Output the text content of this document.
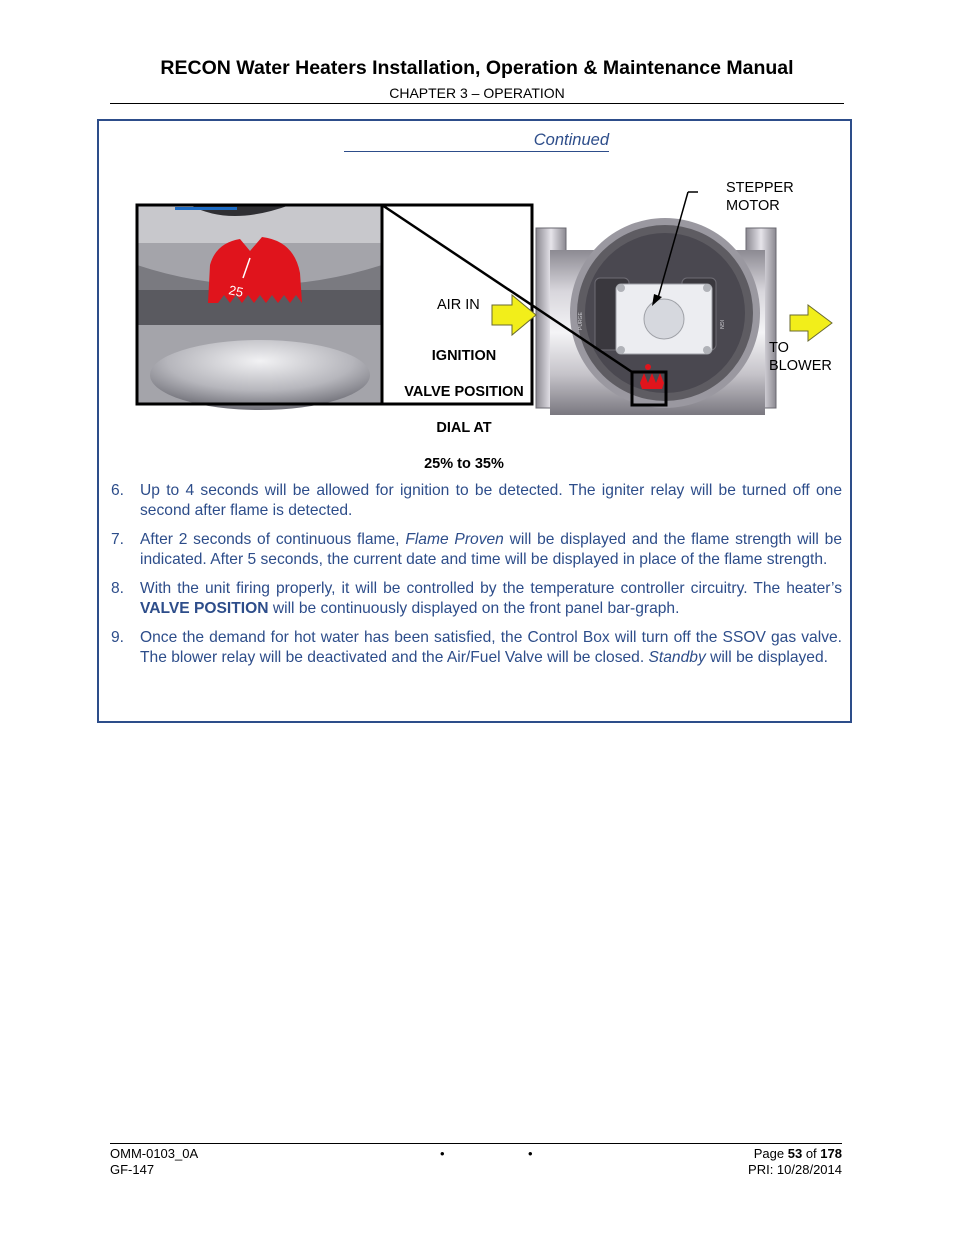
RECON Water Heaters Installation, Operation & Maintenance Manual
CHAPTER 3 – OPERATION
Continued
PURGE	IGN
25
STEPPER
MOTOR
AIR IN
TO
BLOWER

IGNITION

VALVE POSITION

DIAL AT

25% to 35%

6. Up to 4 seconds will be allowed for ignition to be detected. The igniter relay will be turned off one second after flame is detected.
7. After 2 seconds of continuous flame, Flame Proven will be displayed and the flame strength will be indicated. After 5 seconds, the current date and time will be displayed in place of the flame strength.
8. With the unit firing properly, it will be controlled by the temperature controller circuitry. The heater’s VALVE POSITION will be continuously displayed on the front panel bar-graph.
9. Once the demand for hot water has been satisfied, the Control Box will turn off the SSOV gas valve. The blower relay will be deactivated and the Air/Fuel Valve will be closed. Standby will be displayed.
OMM-0103_0A
GF-147
•	•	Page 53 of 178
PRI: 10/28/2014
